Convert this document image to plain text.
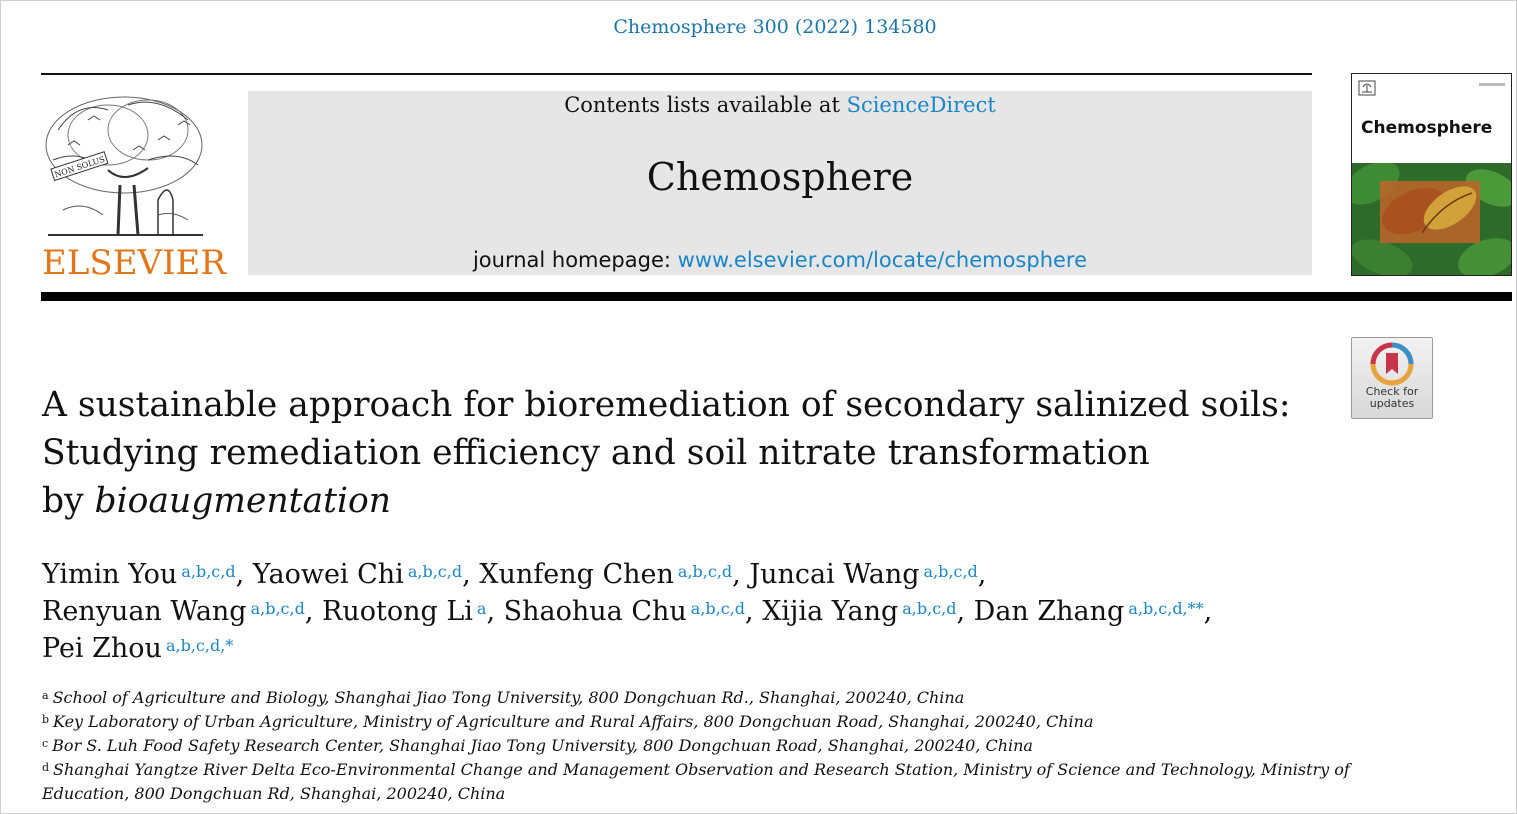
Chemosphere 300 (2022) 134580
NON SOLUS
ELSEVIER
Contents lists available at ScienceDirect
Chemosphere
journal homepage: www.elsevier.com/locate/chemosphere
Chemosphere
Check for
updates
A sustainable approach for bioremediation of secondary salinized soils:
Studying remediation efficiency and soil nitrate transformation
by bioaugmentation
Yimin You $^{a,b,c,d}$, Yaowei Chi $^{a,b,c,d}$, Xunfeng Chen $^{a,b,c,d}$, Juncai Wang $^{a,b,c,d}$,
Renyuan Wang $^{a,b,c,d}$, Ruotong Li $^a$, Shaohua Chu $^{a,b,c,d}$, Xijia Yang $^{a,b,c,d}$, Dan Zhang $^{a,b,c,d,**}$,
Pei Zhou $^{a,b,c,d,*}$
$^a$ School of Agriculture and Biology, Shanghai Jiao Tong University, 800 Dongchuan Rd., Shanghai, 200240, China
$^b$ Key Laboratory of Urban Agriculture, Ministry of Agriculture and Rural Affairs, 800 Dongchuan Road, Shanghai, 200240, China
$^c$ Bor S. Luh Food Safety Research Center, Shanghai Jiao Tong University, 800 Dongchuan Road, Shanghai, 200240, China
$^d$ Shanghai Yangtze River Delta Eco-Environmental Change and Management Observation and Research Station, Ministry of Science and Technology, Ministry of
Education, 800 Dongchuan Rd, Shanghai, 200240, China
